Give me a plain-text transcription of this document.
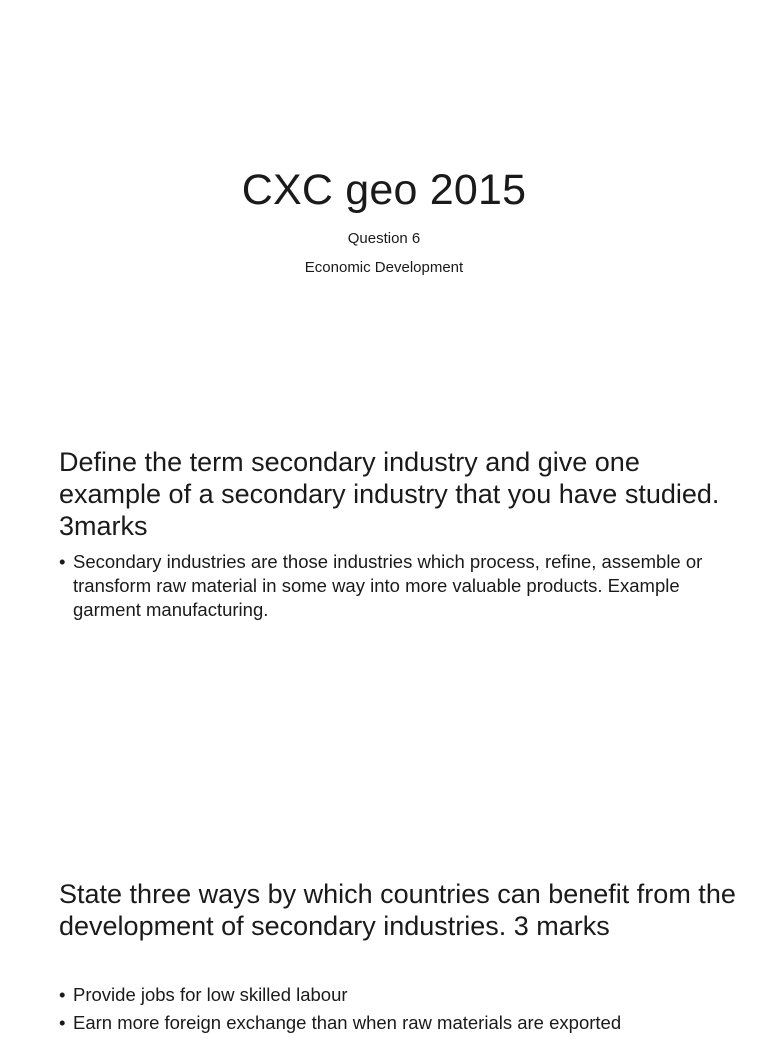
CXC geo 2015

Question 6

Economic Development

Define the term secondary industry and give one example of a secondary industry that you have studied. 3marks
• Secondary industries are those industries which process, refine, assemble or transform raw material in some way into more valuable products. Example garment manufacturing.
State three ways by which countries can benefit from the development of secondary industries. 3 marks
• Provide jobs for low skilled labour
• Earn more foreign exchange than when raw materials are exported
